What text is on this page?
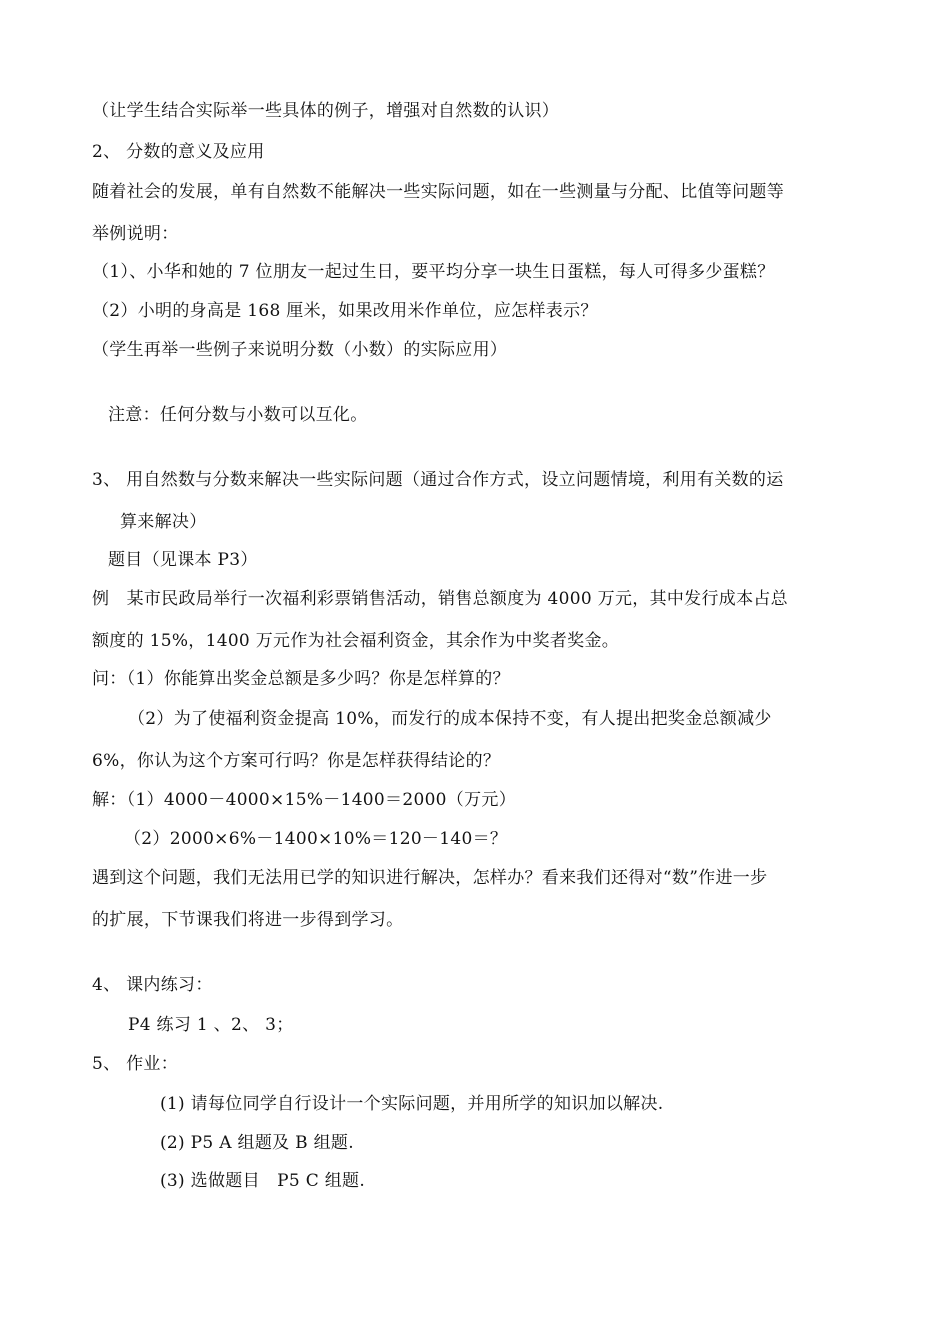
（让学生结合实际举一些具体的例子，增强对自然数的认识）
2、 分数的意义及应用
随着社会的发展，单有自然数不能解决一些实际问题，如在一些测量与分配、比值等问题等
举例说明：
（1）、小华和她的 7 位朋友一起过生日，要平均分享一块生日蛋糕，每人可得多少蛋糕？
（2）小明的身高是 168 厘米，如果改用米作单位，应怎样表示？
（学生再举一些例子来说明分数（小数）的实际应用）
注意：任何分数与小数可以互化。
3、 用自然数与分数来解决一些实际问题（通过合作方式，设立问题情境，利用有关数的运
算来解决）
题目（见课本 P3）
例　某市民政局举行一次福利彩票销售活动，销售总额度为 4000 万元，其中发行成本占总
额度的 15%，1400 万元作为社会福利资金，其余作为中奖者奖金。
问：（1）你能算出奖金总额是多少吗？你是怎样算的？
（2）为了使福利资金提高 10%，而发行的成本保持不变，有人提出把奖金总额减少
6%，你认为这个方案可行吗？你是怎样获得结论的？
解：（1）4000－4000×15%－1400＝2000（万元）
（2）2000×6%－1400×10%＝120－140＝？
遇到这个问题，我们无法用已学的知识进行解决，怎样办？看来我们还得对“数”作进一步
的扩展，下节课我们将进一步得到学习。
4、 课内练习：
P4 练习 1 、2、 3；
5、 作业：
(1) 请每位同学自行设计一个实际问题，并用所学的知识加以解决.
(2) P5 A 组题及 B 组题.
(3) 选做题目　P5 C 组题.
